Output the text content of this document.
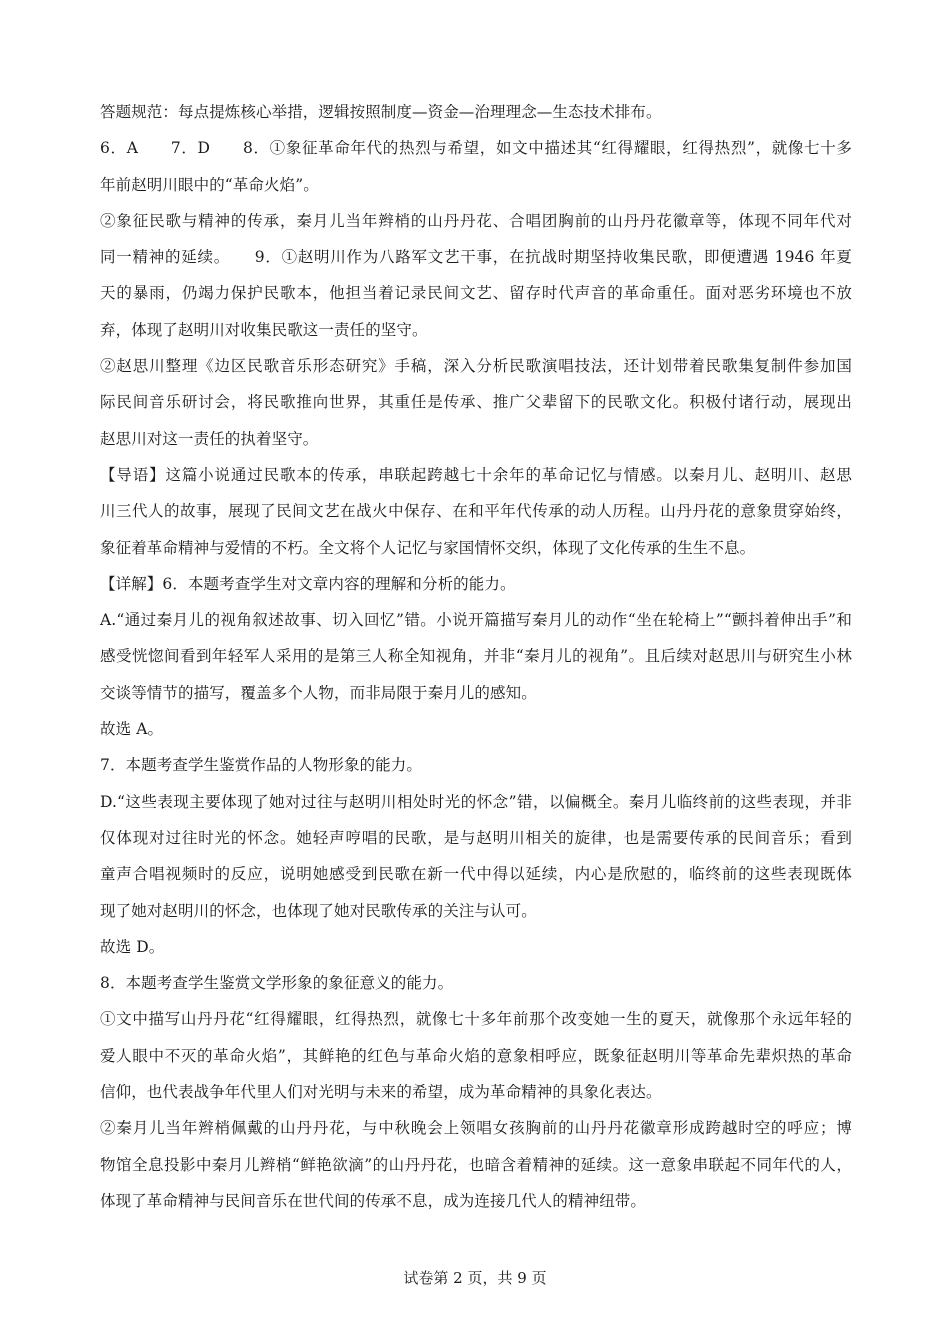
答题规范：每点提炼核心举措，逻辑按照制度—资金—治理理念—生态技术排布。
6．A　　7．D　　8．①象征革命年代的热烈与希望，如文中描述其“红得耀眼，红得热烈”，就像七十多
年前赵明川眼中的“革命火焰”。
②象征民歌与精神的传承，秦月儿当年辫梢的山丹丹花、合唱团胸前的山丹丹花徽章等，体现不同年代对
同一精神的延续。　　9．①赵明川作为八路军文艺干事，在抗战时期坚持收集民歌，即便遭遇 1946 年夏
天的暴雨，仍竭力保护民歌本，他担当着记录民间文艺、留存时代声音的革命重任。面对恶劣环境也不放
弃，体现了赵明川对收集民歌这一责任的坚守。
②赵思川整理《边区民歌音乐形态研究》手稿，深入分析民歌演唱技法，还计划带着民歌集复制件参加国
际民间音乐研讨会，将民歌推向世界，其重任是传承、推广父辈留下的民歌文化。积极付诸行动，展现出
赵思川对这一责任的执着坚守。
【导语】这篇小说通过民歌本的传承，串联起跨越七十余年的革命记忆与情感。以秦月儿、赵明川、赵思
川三代人的故事，展现了民间文艺在战火中保存、在和平年代传承的动人历程。山丹丹花的意象贯穿始终，
象征着革命精神与爱情的不朽。全文将个人记忆与家国情怀交织，体现了文化传承的生生不息。
【详解】6．本题考查学生对文章内容的理解和分析的能力。
A.“通过秦月儿的视角叙述故事、切入回忆”错。小说开篇描写秦月儿的动作“坐在轮椅上”“颤抖着伸出手”和
感受恍惚间看到年轻军人采用的是第三人称全知视角，并非“秦月儿的视角”。且后续对赵思川与研究生小林
交谈等情节的描写，覆盖多个人物，而非局限于秦月儿的感知。
故选 A。
7．本题考查学生鉴赏作品的人物形象的能力。
D.“这些表现主要体现了她对过往与赵明川相处时光的怀念”错，以偏概全。秦月儿临终前的这些表现，并非
仅体现对过往时光的怀念。她轻声哼唱的民歌，是与赵明川相关的旋律，也是需要传承的民间音乐；看到
童声合唱视频时的反应，说明她感受到民歌在新一代中得以延续，内心是欣慰的，临终前的这些表现既体
现了她对赵明川的怀念，也体现了她对民歌传承的关注与认可。
故选 D。
8．本题考查学生鉴赏文学形象的象征意义的能力。
①文中描写山丹丹花“红得耀眼，红得热烈，就像七十多年前那个改变她一生的夏天，就像那个永远年轻的
爱人眼中不灭的革命火焰”，其鲜艳的红色与革命火焰的意象相呼应，既象征赵明川等革命先辈炽热的革命
信仰，也代表战争年代里人们对光明与未来的希望，成为革命精神的具象化表达。
②秦月儿当年辫梢佩戴的山丹丹花，与中秋晚会上领唱女孩胸前的山丹丹花徽章形成跨越时空的呼应；博
物馆全息投影中秦月儿辫梢“鲜艳欲滴”的山丹丹花，也暗含着精神的延续。这一意象串联起不同年代的人，
体现了革命精神与民间音乐在世代间的传承不息，成为连接几代人的精神纽带。
试卷第 2 页，共 9 页
